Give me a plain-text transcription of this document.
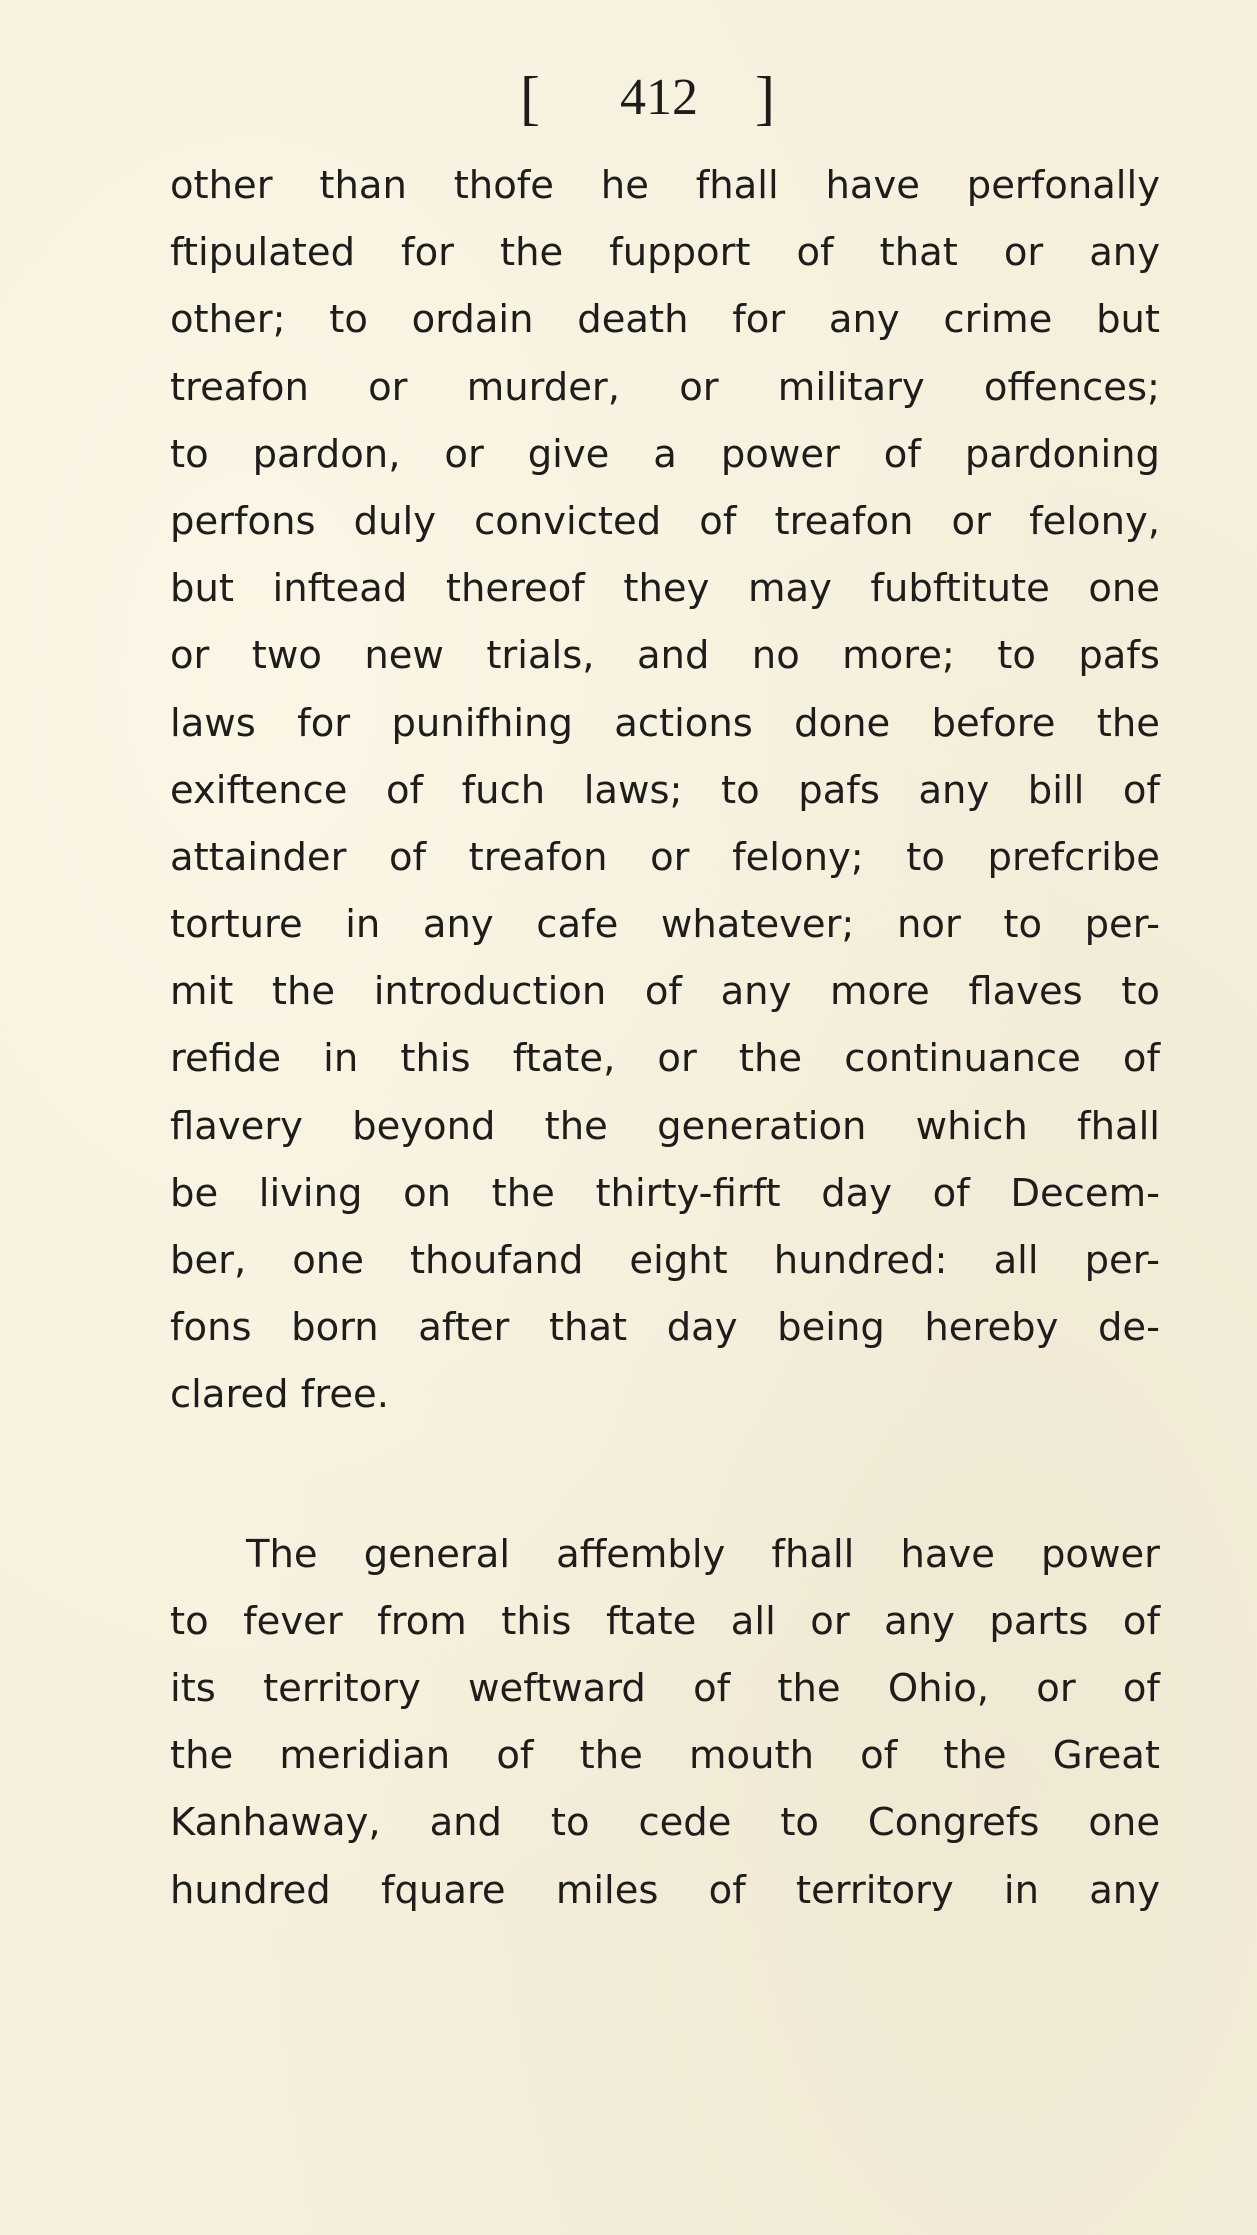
[ 412 ]
other than thofe he fhall have perfonally
ftipulated for the fupport of that or any
other; to ordain death for any crime but
treafon or murder, or military offences;
to pardon, or give a power of pardoning
perfons duly convicted of treafon or felony,
but inftead thereof they may fubftitute one
or two new trials, and no more; to pafs
laws for punifhing actions done before the
exiftence of fuch laws; to pafs any bill of
attainder of treafon or felony; to prefcribe
torture in any cafe whatever; nor to per-
mit the introduction of any more flaves to
refide in this ftate, or the continuance of
flavery beyond the generation which fhall
be living on the thirty-firft day of Decem-
ber, one thoufand eight hundred: all per-
fons born after that day being hereby de-
clared free.
The general affembly fhall have power
to fever from this ftate all or any parts of
its territory weftward of the Ohio, or of
the meridian of the mouth of the Great
Kanhaway, and to cede to Congrefs one
hundred fquare miles of territory in any
